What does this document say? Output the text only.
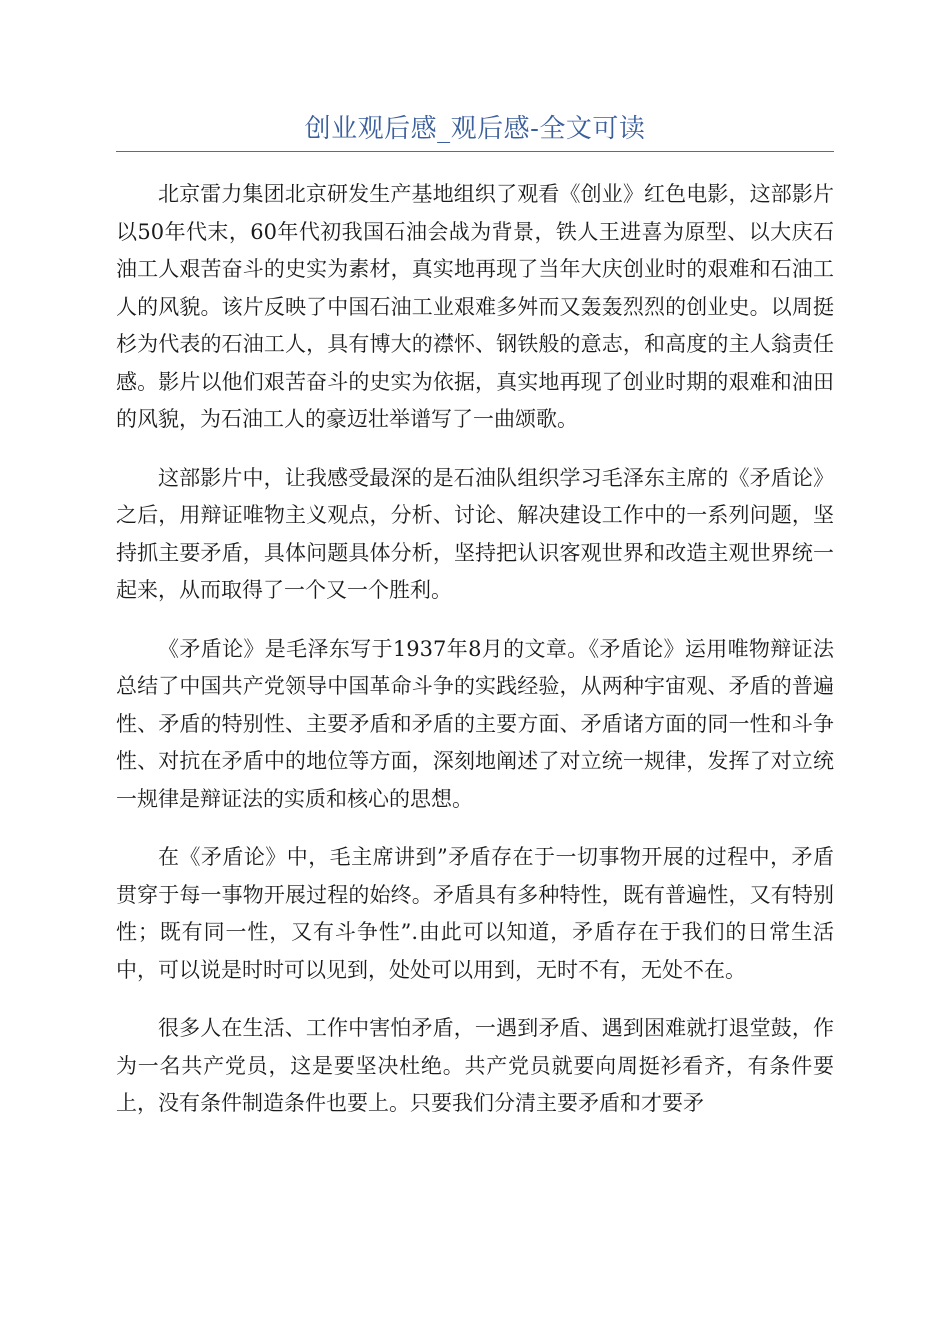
创业观后感_观后感-全文可读

北京雷力集团北京研发生产基地组织了观看《创业》红色电影，这部影片以50年代末，60年代初我国石油会战为背景，铁人王进喜为原型、以大庆石油工人艰苦奋斗的史实为素材，真实地再现了当年大庆创业时的艰难和石油工人的风貌。该片反映了中国石油工业艰难多舛而又轰轰烈烈的创业史。以周挺杉为代表的石油工人，具有博大的襟怀、钢铁般的意志，和高度的主人翁责任感。影片以他们艰苦奋斗的史实为依据，真实地再现了创业时期的艰难和油田的风貌，为石油工人的豪迈壮举谱写了一曲颂歌。

这部影片中，让我感受最深的是石油队组织学习毛泽东主席的《矛盾论》之后，用辩证唯物主义观点，分析、讨论、解决建设工作中的一系列问题，坚持抓主要矛盾，具体问题具体分析，坚持把认识客观世界和改造主观世界统一起来，从而取得了一个又一个胜利。

《矛盾论》是毛泽东写于1937年8月的文章。《矛盾论》运用唯物辩证法总结了中国共产党领导中国革命斗争的实践经验，从两种宇宙观、矛盾的普遍性、矛盾的特别性、主要矛盾和矛盾的主要方面、矛盾诸方面的同一性和斗争性、对抗在矛盾中的地位等方面，深刻地阐述了对立统一规律，发挥了对立统一规律是辩证法的实质和核心的思想。

在《矛盾论》中，毛主席讲到”矛盾存在于一切事物开展的过程中，矛盾贯穿于每一事物开展过程的始终。矛盾具有多种特性，既有普遍性，又有特别性；既有同一性，又有斗争性”.由此可以知道，矛盾存在于我们的日常生活中，可以说是时时可以见到，处处可以用到，无时不有，无处不在。

很多人在生活、工作中害怕矛盾，一遇到矛盾、遇到困难就打退堂鼓，作为一名共产党员，这是要坚决杜绝。共产党员就要向周挺衫看齐，有条件要上，没有条件制造条件也要上。只要我们分清主要矛盾和才要矛
